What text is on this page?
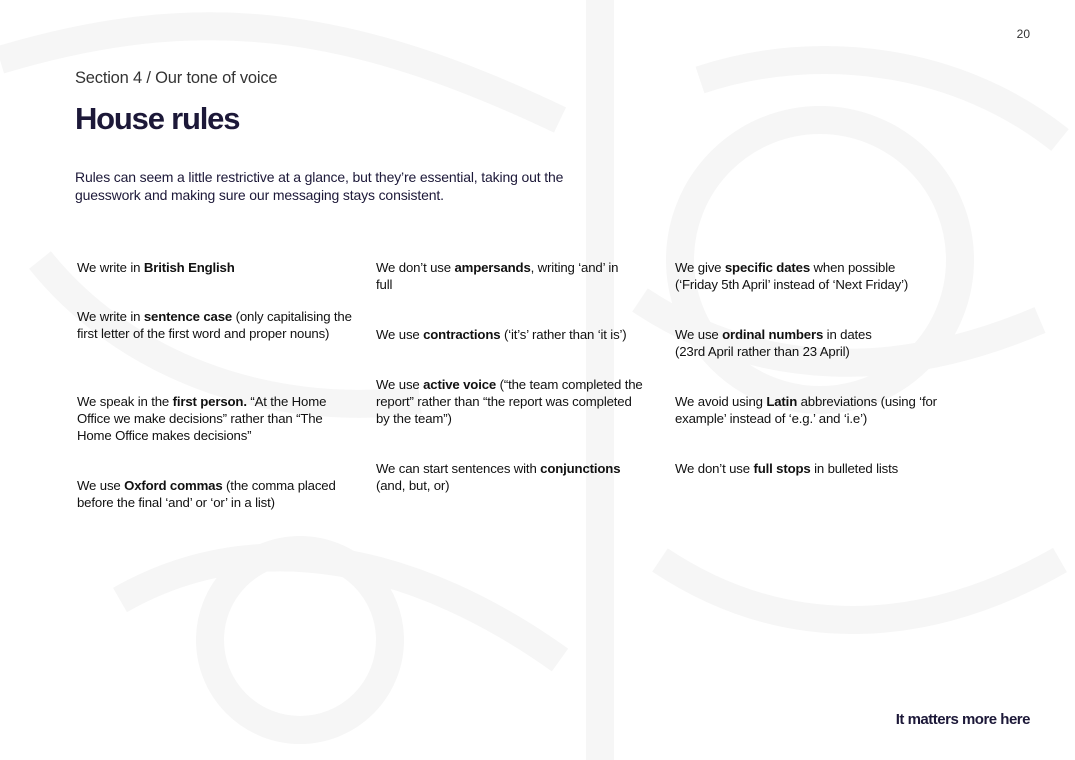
20
Section 4 / Our tone of voice
House rules
Rules can seem a little restrictive at a glance, but they’re essential, taking out the guesswork and making sure our messaging stays consistent.
We write in British English
We write in sentence case (only capitalising the first letter of the first word and proper nouns)
We speak in the first person. “At the Home Office we make decisions” rather than “The Home Office makes decisions”
We use Oxford commas (the comma placed before the final ‘and’ or ‘or’ in a list)
We don’t use ampersands, writing ‘and’ in full
We use contractions (‘it’s’ rather than ‘it is’)
We use active voice (“the team completed the report” rather than “the report was completed by the team”)
We can start sentences with conjunctions (and, but, or)
We give specific dates when possible (‘Friday 5th April’ instead of ‘Next Friday’)
We use ordinal numbers in dates (23rd April rather than 23 April)
We avoid using Latin abbreviations (using ‘for example’ instead of ‘e.g.’ and ‘i.e’)
We don’t use full stops in bulleted lists
It matters more here
